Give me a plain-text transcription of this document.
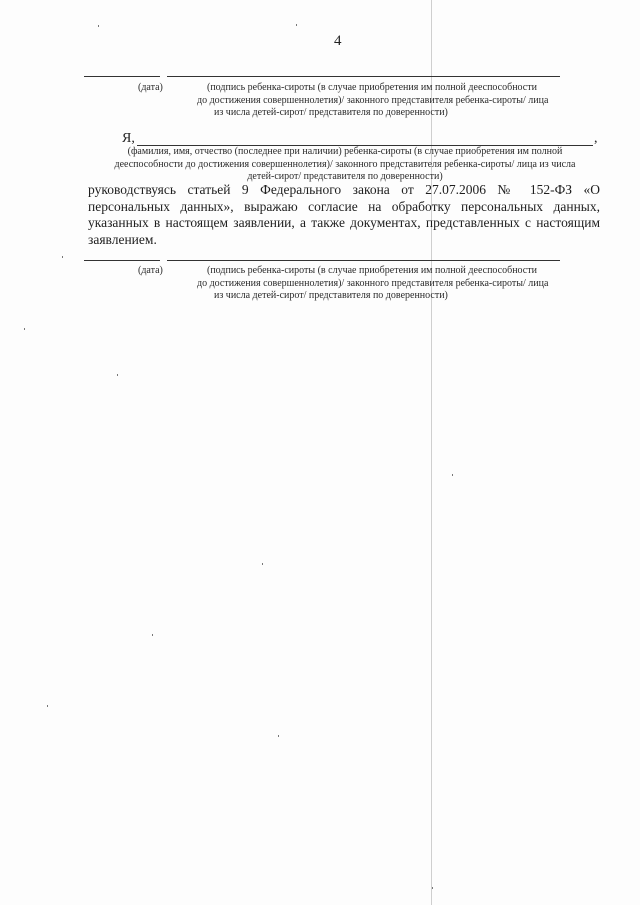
4
(дата)	(подпись ребенка-сироты (в случае приобретения им полной дееспособности
до достижения совершеннолетия)/ законного представителя ребенка-сироты/ лица
из числа детей-сирот/ представителя по доверенности)
Я,	,
(фамилия, имя, отчество (последнее при наличии) ребенка-сироты (в случае приобретения им полной
дееспособности до достижения совершеннолетия)/ законного представителя ребенка-сироты/ лица из числа
детей-сирот/ представителя по доверенности)
руководствуясь статьей 9 Федерального закона от 27.07.2006 № 152-ФЗ «О персональных данных», выражаю согласие на обработку персональных данных, указанных в настоящем заявлении, а также документах, представленных с настоящим заявлением.
(дата)	(подпись ребенка-сироты (в случае приобретения им полной дееспособности
до достижения совершеннолетия)/ законного представителя ребенка-сироты/ лица
из числа детей-сирот/ представителя по доверенности)
